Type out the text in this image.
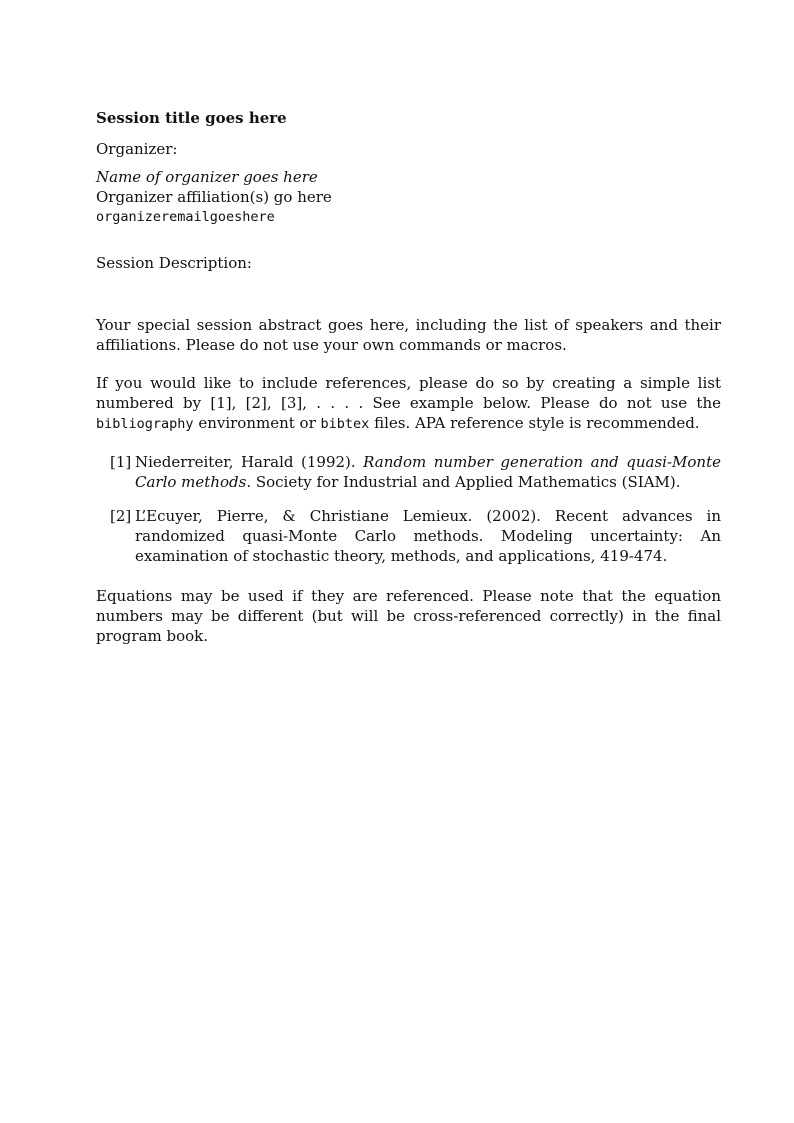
Session title goes here

Organizer:

Name of organizer goes here
Organizer affiliation(s) go here
organizeremailgoeshere

Session Description:

Your special session abstract goes here, including the list of speakers and their affiliations. Please do not use your own commands or macros.

If you would like to include references, please do so by creating a simple list numbered by [1], [2], [3], . . . . See example below. Please do not use the bibliography environment or bibtex files. APA reference style is recommended.

[1] Niederreiter, Harald (1992). Random number generation and quasi-Monte Carlo methods. Society for Industrial and Applied Mathematics (SIAM).
[2] L’Ecuyer, Pierre, & Christiane Lemieux. (2002). Recent advances in randomized quasi-Monte Carlo methods. Modeling uncertainty: An examination of stochastic theory, methods, and applications, 419-474.

Equations may be used if they are referenced. Please note that the equation numbers may be different (but will be cross-referenced correctly) in the final program book.
